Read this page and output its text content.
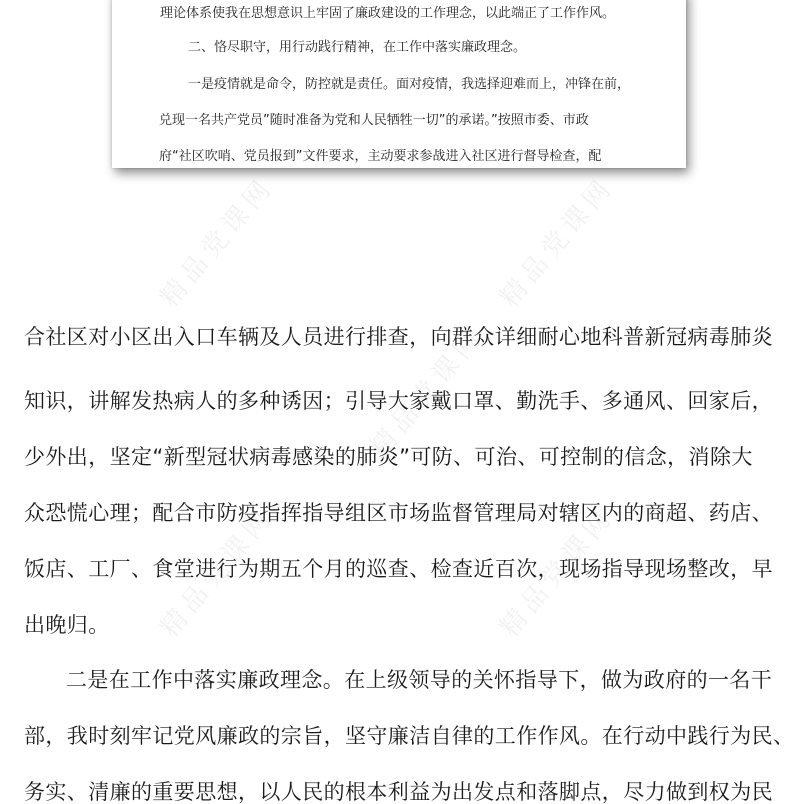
理论体系使我在思想意识上牢固了廉政建设的工作理念，以此端正了工作作风。

二、恪尽职守，用行动践行精神，在工作中落实廉政理念。

一是疫情就是命令，防控就是责任。面对疫情，我选择迎难而上，冲锋在前，

兑现一名共产党员”随时准备为党和人民牺牲一切”的承诺。”按照市委、市政

府“社区吹哨、党员报到”文件要求，主动要求参战进入社区进行督导检查，配

合社区对小区出入口车辆及人员进行排查，向群众详细耐心地科普新冠病毒肺炎

知识，讲解发热病人的多种诱因；引导大家戴口罩、勤洗手、多通风、回家后，

少外出，坚定“新型冠状病毒感染的肺炎”可防、可治、可控制的信念，消除大

众恐慌心理；配合市防疫指挥指导组区市场监督管理局对辖区内的商超、药店、

饭店、工厂、食堂进行为期五个月的巡查、检查近百次，现场指导现场整改，早

出晚归。

二是在工作中落实廉政理念。在上级领导的关怀指导下，做为政府的一名干

部，我时刻牢记党风廉政的宗旨，坚守廉洁自律的工作作风。在行动中践行为民、

务实、清廉的重要思想，以人民的根本利益为出发点和落脚点，尽力做到权为民

精品党课网	精品党课网
精品党课网
精品党课网	精品党课网
